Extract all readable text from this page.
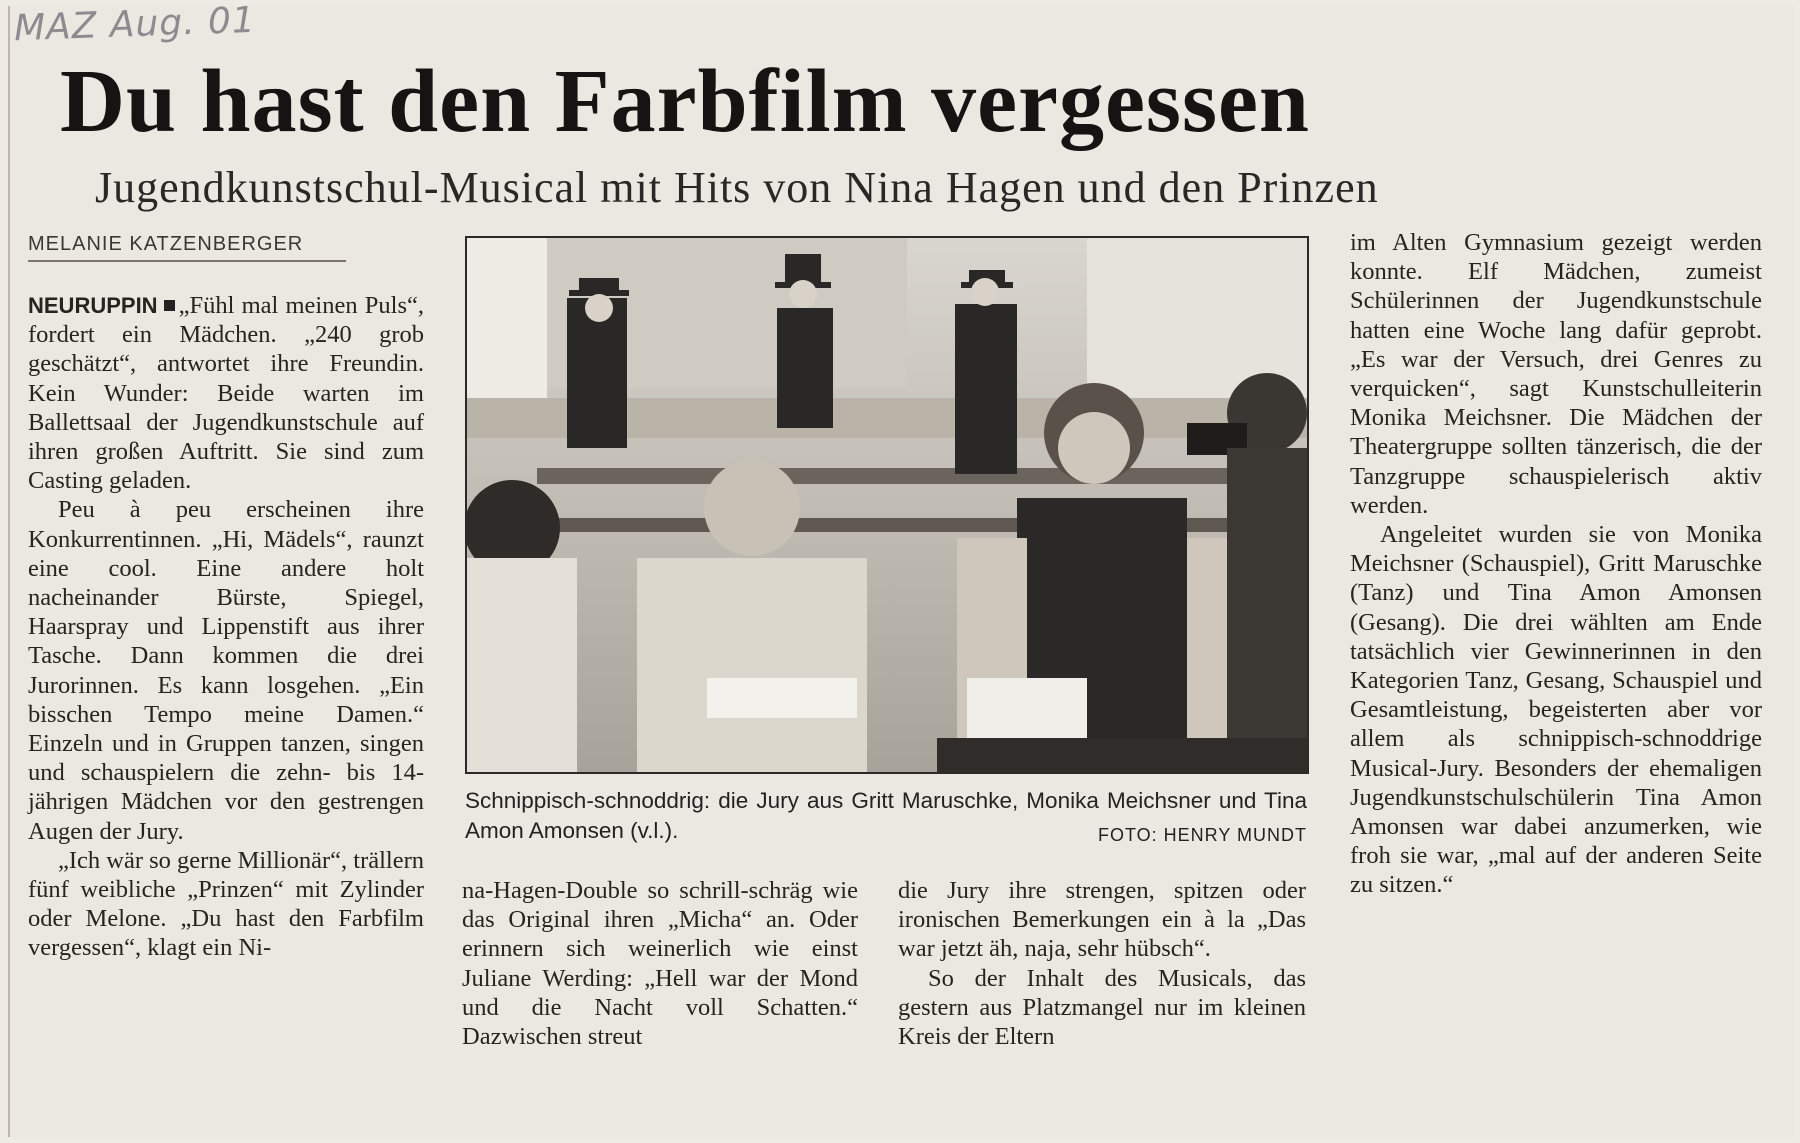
MAZ Aug. 01
Du hast den Farbfilm vergessen
Jugendkunstschul-Musical mit Hits von Nina Hagen und den Prinzen
MELANIE KATZENBERGER

NEURUPPIN „Fühl mal meinen Puls“, fordert ein Mädchen. „240 grob geschätzt“, antwortet ihre Freundin. Kein Wunder: Beide warten im Ballettsaal der Jugendkunstschule auf ihren großen Auftritt. Sie sind zum Casting geladen.

Peu à peu erscheinen ihre Konkurrentinnen. „Hi, Mädels“, raunzt eine cool. Eine andere holt nacheinander Bürste, Spiegel, Haarspray und Lippenstift aus ihrer Tasche. Dann kommen die drei Jurorinnen. Es kann losgehen. „Ein bisschen Tempo meine Damen.“ Einzeln und in Gruppen tanzen, singen und schauspielern die zehn- bis 14-jährigen Mädchen vor den gestrengen Augen der Jury.

„Ich wär so gerne Millionär“, trällern fünf weibliche „Prinzen“ mit Zylinder oder Melone. „Du hast den Farbfilm vergessen“, klagt ein Ni-

Schnippisch-schnoddrig: die Jury aus Gritt Maruschke, Monika Meichsner und Tina Amon Amonsen (v.l.).	FOTO: HENRY MUNDT

na-Hagen-Double so schrill-schräg wie das Original ihren „Micha“ an. Oder erinnern sich weinerlich wie einst Juliane Werding: „Hell war der Mond und die Nacht voll Schatten.“ Dazwischen streut

die Jury ihre strengen, spitzen oder ironischen Bemerkungen ein à la „Das war jetzt äh, naja, sehr hübsch“.

So der Inhalt des Musicals, das gestern aus Platzmangel nur im kleinen Kreis der Eltern

im Alten Gymnasium gezeigt werden konnte. Elf Mädchen, zumeist Schülerinnen der Jugendkunstschule hatten eine Woche lang dafür geprobt. „Es war der Versuch, drei Genres zu verquicken“, sagt Kunstschulleiterin Monika Meichsner. Die Mädchen der Theatergruppe sollten tänzerisch, die der Tanzgruppe schauspielerisch aktiv werden.

Angeleitet wurden sie von Monika Meichsner (Schauspiel), Gritt Maruschke (Tanz) und Tina Amon Amonsen (Gesang). Die drei wählten am Ende tatsächlich vier Gewinnerinnen in den Kategorien Tanz, Gesang, Schauspiel und Gesamtleistung, begeisterten aber vor allem als schnippisch-schnoddrige Musical-Jury. Besonders der ehemaligen Jugendkunstschulschülerin Tina Amon Amonsen war dabei anzumerken, wie froh sie war, „mal auf der anderen Seite zu sitzen.“
